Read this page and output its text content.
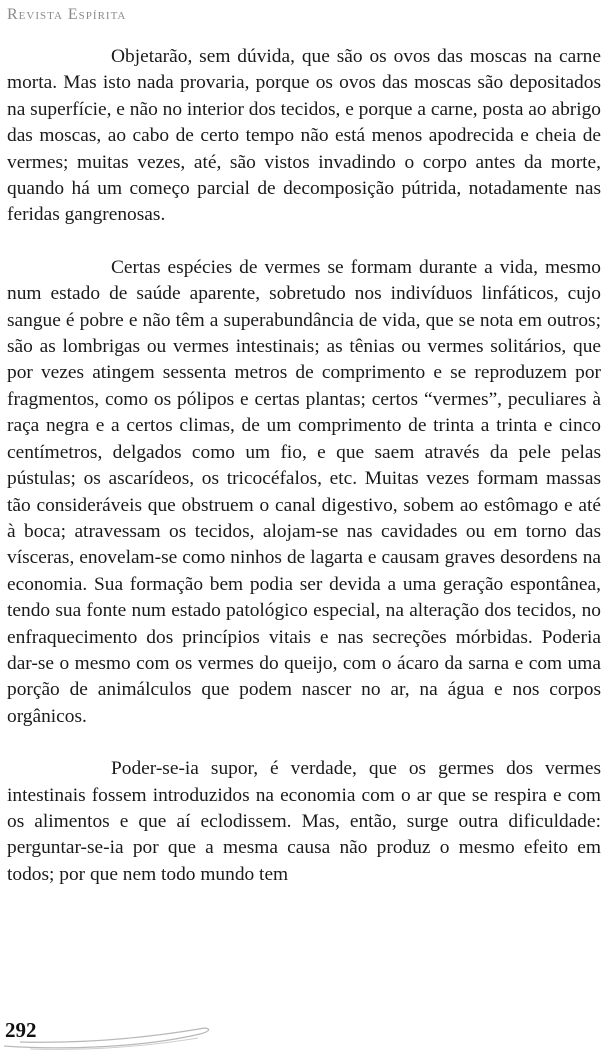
Revista Espírita

Objetarão, sem dúvida, que são os ovos das moscas na carne morta. Mas isto nada provaria, porque os ovos das moscas são depositados na superfície, e não no interior dos tecidos, e porque a carne, posta ao abrigo das moscas, ao cabo de certo tempo não está menos apodrecida e cheia de vermes; muitas vezes, até, são vistos invadindo o corpo antes da morte, quando há um começo parcial de decomposição pútrida, notadamente nas feridas gangrenosas.

Certas espécies de vermes se formam durante a vida, mesmo num estado de saúde aparente, sobretudo nos indivíduos linfáticos, cujo sangue é pobre e não têm a superabundância de vida, que se nota em outros; são as lombrigas ou vermes intestinais; as tênias ou vermes solitários, que por vezes atingem sessenta metros de comprimento e se reproduzem por fragmentos, como os pólipos e certas plantas; certos “vermes”, peculiares à raça negra e a certos climas, de um comprimento de trinta a trinta e cinco centímetros, delgados como um fio, e que saem através da pele pelas pústulas; os ascarídeos, os tricocéfalos, etc. Muitas vezes formam massas tão consideráveis que obstruem o canal digestivo, sobem ao estômago e até à boca; atravessam os tecidos, alojam-se nas cavidades ou em torno das vísceras, enovelam-se como ninhos de lagarta e causam graves desordens na economia. Sua formação bem podia ser devida a uma geração espontânea, tendo sua fonte num estado patológico especial, na alteração dos tecidos, no enfraquecimento dos princípios vitais e nas secreções mórbidas. Poderia dar-se o mesmo com os vermes do queijo, com o ácaro da sarna e com uma porção de animálculos que podem nascer no ar, na água e nos corpos orgânicos.

Poder-se-ia supor, é verdade, que os germes dos vermes intestinais fossem introduzidos na economia com o ar que se respira e com os alimentos e que aí eclodissem. Mas, então, surge outra dificuldade: perguntar-se-ia por que a mesma causa não produz o mesmo efeito em todos; por que nem todo mundo tem

292
